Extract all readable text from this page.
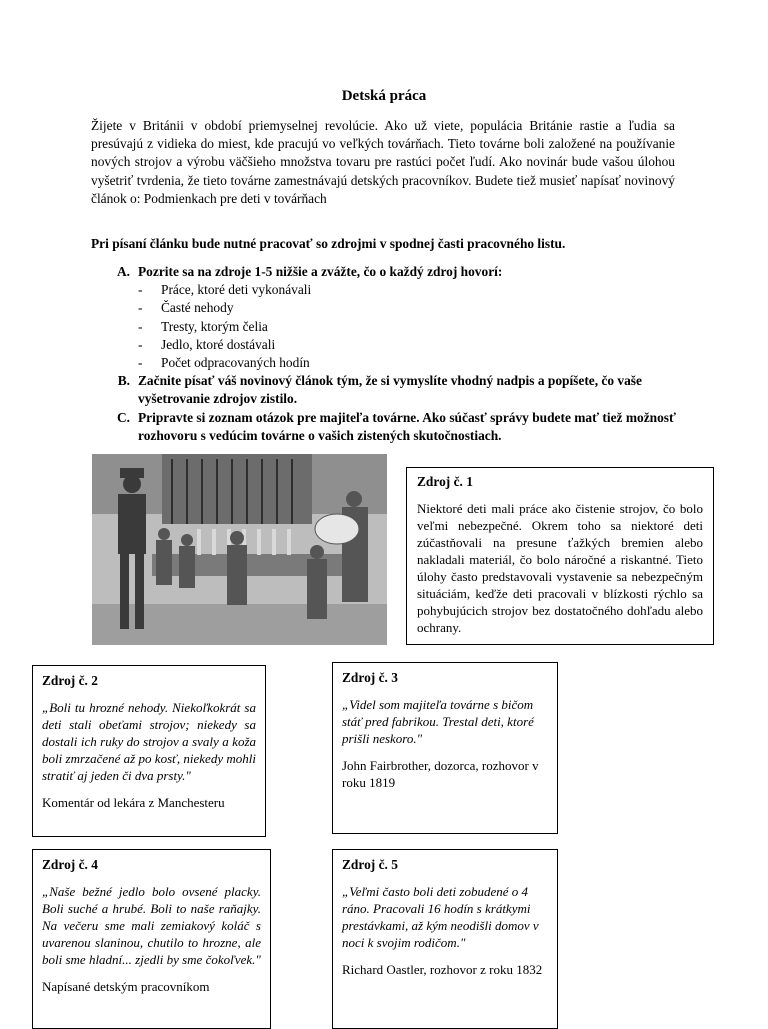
Detská práca
Žijete v Británii v období priemyselnej revolúcie. Ako už viete, populácia Británie rastie a ľudia sa presúvajú z vidieka do miest, kde pracujú vo veľkých továrňach. Tieto továrne boli založené na používanie nových strojov a výrobu väčšieho množstva tovaru pre rastúci počet ľudí. Ako novinár bude vašou úlohou vyšetriť tvrdenia, že tieto továrne zamestnávajú detských pracovníkov. Budete tiež musieť napísať novinový článok o: Podmienkach pre deti v továrňach
Pri písaní článku bude nutné pracovať so zdrojmi v spodnej časti pracovného listu.
A. Pozrite sa na zdroje 1-5 nižšie a zvážte, čo o každý zdroj hovorí:
-	Práce, ktoré deti vykonávali
-	Časté nehody
-	Tresty, ktorým čelia
-	Jedlo, ktoré dostávali
-	Počet odpracovaných hodín
B. Začnite písať váš novinový článok tým, že si vymyslíte vhodný nadpis a popíšete, čo vaše vyšetrovanie zdrojov zistilo.
C. Pripravte si zoznam otázok pre majiteľa továrne. Ako súčasť správy budete mať tiež možnosť rozhovoru s vedúcim továrne o vašich zistených skutočnostiach.
Zdroj č. 1
Niektoré deti mali práce ako čistenie strojov, čo bolo veľmi nebezpečné. Okrem toho sa niektoré deti zúčastňovali na presune ťažkých bremien alebo nakladali materiál, čo bolo náročné a riskantné. Tieto úlohy často predstavovali vystavenie sa nebezpečným situáciám, keďže deti pracovali v blízkosti rýchlo sa pohybujúcich strojov bez dostatočného dohľadu alebo ochrany.
Zdroj č. 2
„Boli tu hrozné nehody. Niekoľkokrát sa deti stali obeťami strojov; niekedy sa dostali ich ruky do strojov a svaly a koža boli zmrzačené až po kosť, niekedy mohli stratiť aj jeden či dva prsty."
Komentár od lekára z Manchesteru
Zdroj č. 3
„Videl som majiteľa továrne s bičom stáť pred fabrikou. Trestal deti, ktoré prišli neskoro."
John Fairbrother, dozorca, rozhovor v roku 1819
Zdroj č. 4
„Naše bežné jedlo bolo ovsené placky. Boli suché a hrubé. Boli to naše raňajky. Na večeru sme mali zemiakový koláč s uvarenou slaninou, chutilo to hrozne, ale boli sme hladní... zjedli by sme čokoľvek."
Napísané detským pracovníkom
Zdroj č. 5
„Veľmi často boli deti zobudené o 4 ráno. Pracovali 16 hodín s krátkymi prestávkami, až kým neodišli domov v noci k svojim rodičom."
Richard Oastler, rozhovor z roku 1832
